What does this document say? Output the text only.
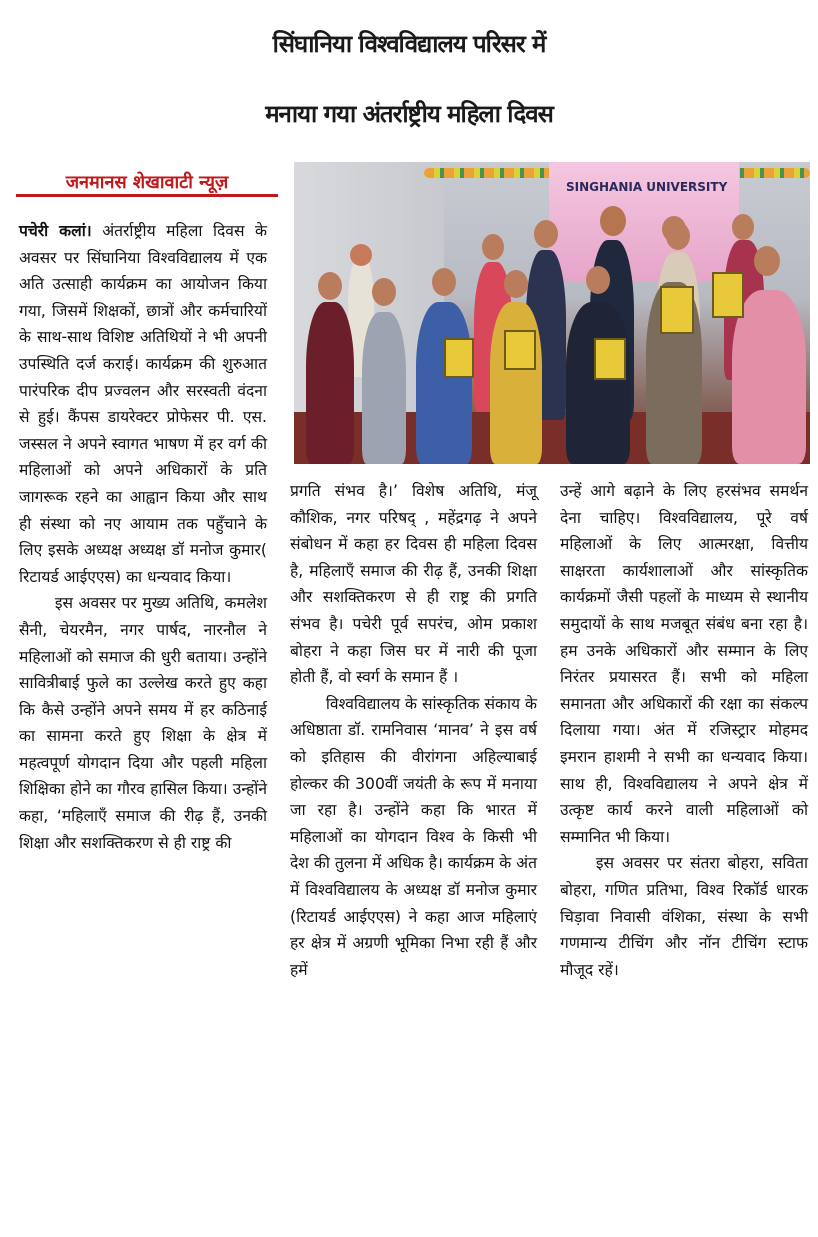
सिंघानिया विश्वविद्यालय परिसर में
मनाया गया अंतर्राष्ट्रीय महिला दिवस
जनमानस शेखावाटी न्यूज़	SINGHANIA UNIVERSITY

पचेरी कलां। अंतर्राष्ट्रीय महिला दिवस के अवसर पर सिंघानिया विश्वविद्यालय में एक अति उत्साही कार्यक्रम का आयोजन किया गया, जिसमें शिक्षकों, छात्रों और कर्मचारियों के साथ-साथ विशिष्ट अतिथियों ने भी अपनी उपस्थिति दर्ज कराई। कार्यक्रम की शुरुआत पारंपरिक दीप प्रज्वलन और सरस्वती वंदना से हुई। कैंपस डायरेक्टर प्रोफेसर पी. एस. जस्सल ने अपने स्वागत भाषण में हर वर्ग की महिलाओं को अपने अधिकारों के प्रति जागरूक रहने का आह्वान किया और साथ ही संस्था को नए आयाम तक पहुँचाने के लिए इसके अध्यक्ष अध्यक्ष डॉ मनोज कुमार( रिटायर्ड आईएएस) का धन्यवाद किया।

इस अवसर पर मुख्य अतिथि, कमलेश सैनी, चेयरमैन, नगर पार्षद, नारनौल ने महिलाओं को समाज की धुरी बताया। उन्होंने सावित्रीबाई फुले का उल्लेख करते हुए कहा कि कैसे उन्होंने अपने समय में हर कठिनाई का सामना करते हुए शिक्षा के क्षेत्र में महत्वपूर्ण योगदान दिया और पहली महिला शिक्षिका होने का गौरव हासिल किया। उन्होंने कहा, ‘महिलाएँ समाज की रीढ़ हैं, उनकी शिक्षा और सशक्तिकरण से ही राष्ट्र की

प्रगति संभव है।’ विशेष अतिथि, मंजू कौशिक, नगर परिषद् , महेंद्रगढ़ ने अपने संबोधन में कहा हर दिवस ही महिला दिवस है, महिलाएँ समाज की रीढ़ हैं, उनकी शिक्षा और सशक्तिकरण से ही राष्ट्र की प्रगति संभव है। पचेरी पूर्व सपरंच, ओम प्रकाश बोहरा ने कहा जिस घर में नारी की पूजा होती हैं, वो स्वर्ग के समान हैं ।

विश्वविद्यालय के सांस्कृतिक संकाय के अधिष्ठाता डॉ. रामनिवास ‘मानव’ ने इस वर्ष को इतिहास की वीरांगना अहिल्याबाई होल्कर की 300वीं जयंती के रूप में मनाया जा रहा है। उन्होंने कहा कि भारत में महिलाओं का योगदान विश्व के किसी भी देश की तुलना में अधिक है। कार्यक्रम के अंत में विश्वविद्यालय के अध्यक्ष डॉ मनोज कुमार (रिटायर्ड आईएएस) ने कहा आज महिलाएं हर क्षेत्र में अग्रणी भूमिका निभा रही हैं और हमें

उन्हें आगे बढ़ाने के लिए हरसंभव समर्थन देना चाहिए। विश्वविद्यालय, पूरे वर्ष महिलाओं के लिए आत्मरक्षा, वित्तीय साक्षरता कार्यशालाओं और सांस्कृतिक कार्यक्रमों जैसी पहलों के माध्यम से स्थानीय समुदायों के साथ मजबूत संबंध बना रहा है। हम उनके अधिकारों और सम्मान के लिए निरंतर प्रयासरत हैं। सभी को महिला समानता और अधिकारों की रक्षा का संकल्प दिलाया गया। अंत में रजिस्ट्रार मोहमद इमरान हाशमी ने सभी का धन्यवाद किया। साथ ही, विश्वविद्यालय ने अपने क्षेत्र में उत्कृष्ट कार्य करने वाली महिलाओं को सम्मानित भी किया।

इस अवसर पर संतरा बोहरा, सविता बोहरा, गणित प्रतिभा, विश्व रिकॉर्ड धारक चिड़ावा निवासी वंशिका, संस्था के सभी गणमान्य टीचिंग और नॉन टीचिंग स्टाफ मौजूद रहें।
